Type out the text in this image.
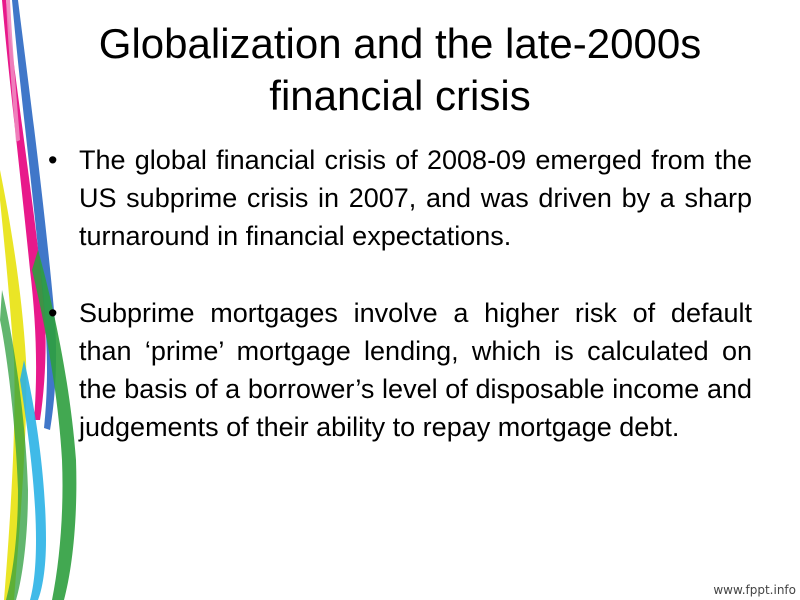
Globalization and the late-2000s financial crisis
• The global financial crisis of 2008-09 emerged from the US subprime crisis in 2007, and was driven by a sharp turnaround in financial expectations.
• Subprime mortgages involve a higher risk of default than ‘prime’ mortgage lending, which is calculated on the basis of a borrower’s level of disposable income and judgements of their ability to repay mortgage debt.
www.fppt.info
